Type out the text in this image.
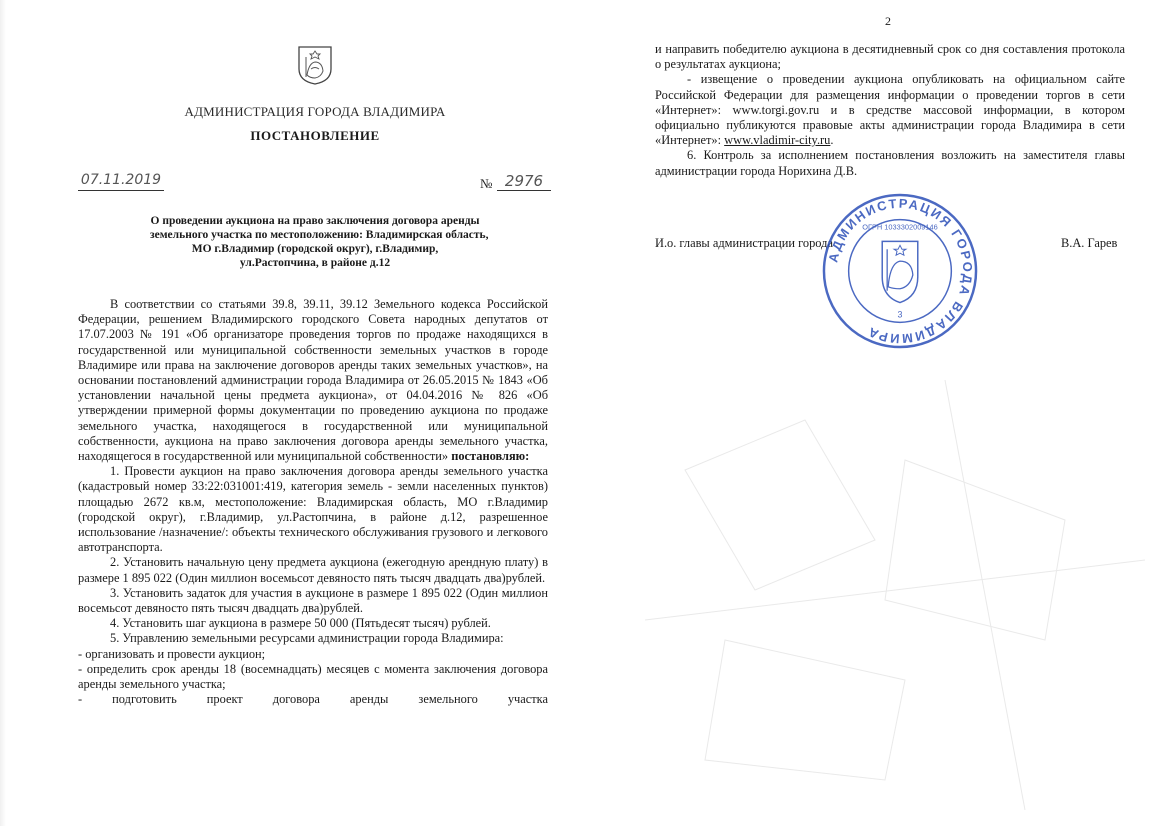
АДМИНИСТРАЦИЯ ГОРОДА ВЛАДИМИРА
ПОСТАНОВЛЕНИЕ
07.11.2019	№ 2976
О проведении аукциона на право заключения договора аренды
земельного участка по местоположению: Владимирская область,
МО г.Владимир (городской округ), г.Владимир,
ул.Растопчина, в районе д.12

В соответствии со статьями 39.8, 39.11, 39.12 Земельного кодекса Российской Федерации, решением Владимирского городского Совета народных депутатов от 17.07.2003 № 191 «Об организаторе проведения торгов по продаже находящихся в государственной или муниципальной собственности земельных участков в городе Владимире или права на заключение договоров аренды таких земельных участков», на основании постановлений администрации города Владимира от 26.05.2015 № 1843 «Об установлении начальной цены предмета аукциона», от 04.04.2016 № 826 «Об утверждении примерной формы документации по проведению аукциона по продаже земельного участка, находящегося в государственной или муниципальной собственности, аукциона на право заключения договора аренды земельного участка, находящегося в государственной или муниципальной собственности» постановляю:

1. Провести аукцион на право заключения договора аренды земельного участка (кадастровый номер 33:22:031001:419, категория земель - земли населенных пунктов) площадью 2672 кв.м, местоположение: Владимирская область, МО г.Владимир (городской округ), г.Владимир, ул.Растопчина, в районе д.12, разрешенное использование /назначение/: объекты технического обслуживания грузового и легкового автотранспорта.

2. Установить начальную цену предмета аукциона (ежегодную арендную плату) в размере 1 895 022 (Один миллион восемьсот девяносто пять тысяч двадцать два)рублей.

3. Установить задаток для участия в аукционе в размере 1 895 022 (Один миллион восемьсот девяносто пять тысяч двадцать два)рублей.

4. Установить шаг аукциона в размере 50 000 (Пятьдесят тысяч) рублей.

5. Управлению земельными ресурсами администрации города Владимира:

- организовать и провести аукцион;

- определить срок аренды 18 (восемнадцать) месяцев с момента заключения договора аренды земельного участка;

- подготовить проект договора аренды земельного участка

2

и направить победителю аукциона в десятидневный срок со дня составления протокола о результатах аукциона;

- извещение о проведении аукциона опубликовать на официальном сайте Российской Федерации для размещения информации о проведении торгов в сети «Интернет»: www.torgi.gov.ru и в средстве массовой информации, в котором официально публикуются правовые акты администрации города Владимира в сети «Интернет»: www.vladimir-city.ru.

6. Контроль за исполнением постановления возложить на заместителя главы администрации города Норихина Д.В.

И.о. главы администрации города	В.А. Гарев
АДМИНИСТРАЦИЯ ГОРОДА ВЛАДИМИРА
ОГРН 1033302009146
3
